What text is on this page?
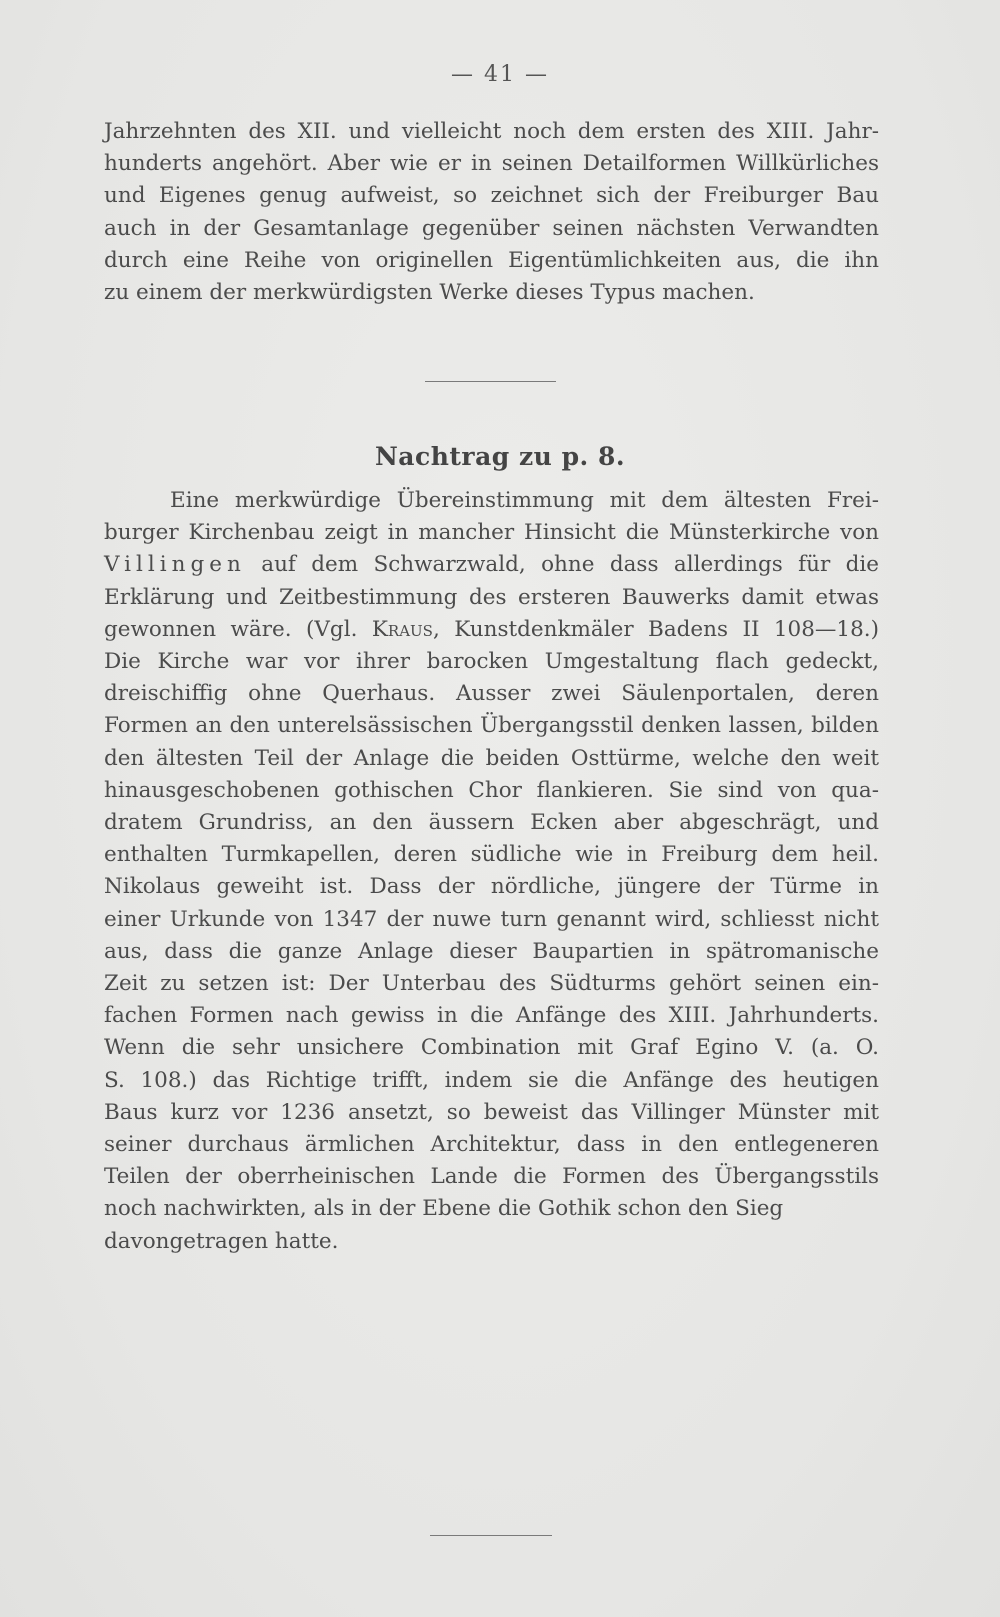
— 41 —
Jahrzehnten des XII. und vielleicht noch dem ersten des XIII. Jahr-
hunderts angehört. Aber wie er in seinen Detailformen Willkürliches
und Eigenes genug aufweist, so zeichnet sich der Freiburger Bau
auch in der Gesamtanlage gegenüber seinen nächsten Verwandten
durch eine Reihe von originellen Eigentümlichkeiten aus, die ihn
zu einem der merkwürdigsten Werke dieses Typus machen.
Nachtrag zu p. 8.
Eine merkwürdige Übereinstimmung mit dem ältesten Frei-
burger Kirchenbau zeigt in mancher Hinsicht die Münsterkirche von
Villingen auf dem Schwarzwald, ohne dass allerdings für die
Erklärung und Zeitbestimmung des ersteren Bauwerks damit etwas
gewonnen wäre. (Vgl. Kraus, Kunstdenkmäler Badens II 108—18.)
Die Kirche war vor ihrer barocken Umgestaltung flach gedeckt,
dreischiffig ohne Querhaus. Ausser zwei Säulenportalen, deren
Formen an den unterelsässischen Übergangsstil denken lassen, bilden
den ältesten Teil der Anlage die beiden Osttürme, welche den weit
hinausgeschobenen gothischen Chor flankieren. Sie sind von qua-
dratem Grundriss, an den äussern Ecken aber abgeschrägt, und
enthalten Turmkapellen, deren südliche wie in Freiburg dem heil.
Nikolaus geweiht ist. Dass der nördliche, jüngere der Türme in
einer Urkunde von 1347 der nuwe turn genannt wird, schliesst nicht
aus, dass die ganze Anlage dieser Baupartien in spätromanische
Zeit zu setzen ist: Der Unterbau des Südturms gehört seinen ein-
fachen Formen nach gewiss in die Anfänge des XIII. Jahrhunderts.
Wenn die sehr unsichere Combination mit Graf Egino V. (a. O.
S. 108.) das Richtige trifft, indem sie die Anfänge des heutigen
Baus kurz vor 1236 ansetzt, so beweist das Villinger Münster mit
seiner durchaus ärmlichen Architektur, dass in den entlegeneren
Teilen der oberrheinischen Lande die Formen des Übergangsstils
noch nachwirkten, als in der Ebene die Gothik schon den Sieg
davongetragen hatte.
